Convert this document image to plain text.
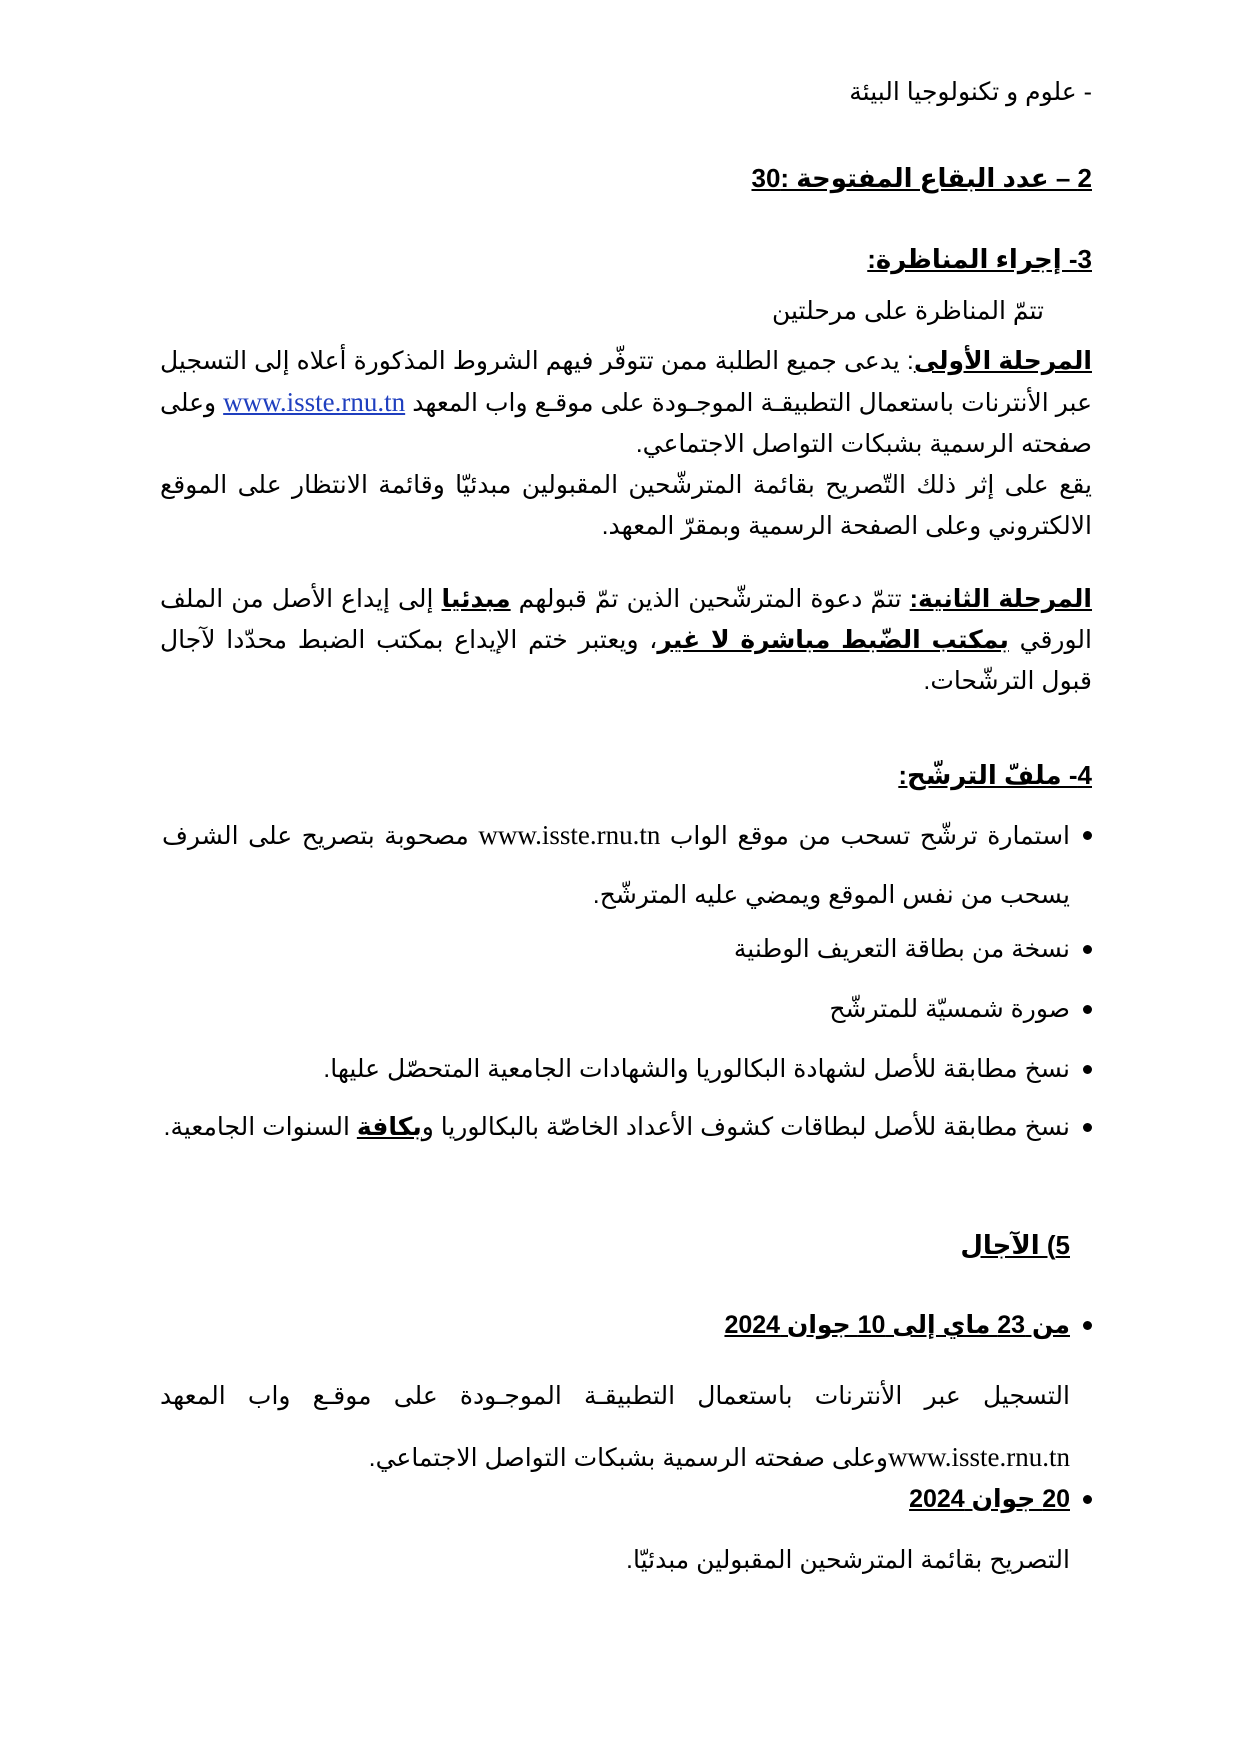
- علوم و تكنولوجيا البيئة

2 – عدد البقاع المفتوحة :30

3- إجراء المناظرة:

تتمّ المناظرة على مرحلتين

المرحلة الأولى: يدعى جميع الطلبة ممن تتوفّر فيهم الشروط المذكورة أعلاه إلى التسجيل عبر الأنترنات باستعمال التطبيقـة الموجـودة على موقـع واب المعهد www.isste.rnu.tn وعلى صفحته الرسمية بشبكات التواصل الاجتماعي.
يقع على إثر ذلك التّصريح بقائمة المترشّحين المقبولين مبدئيّا وقائمة الانتظار على الموقع الالكتروني وعلى الصفحة الرسمية وبمقرّ المعهد.

المرحلة الثانية: تتمّ دعوة المترشّحين الذين تمّ قبولهم مبدئيا إلى إيداع الأصل من الملف الورقي بمكتب الضّبط مباشرة لا غير، ويعتبر ختم الإيداع بمكتب الضبط محدّدا لآجال قبول الترشّحات.

4- ملفّ الترشّح:

استمارة ترشّح تسحب من موقع الواب www.isste.rnu.tn مصحوبة بتصريح على الشرف يسحب من نفس الموقع ويمضي عليه المترشّح.

نسخة من بطاقة التعريف الوطنية

صورة شمسيّة للمترشّح

نسخ مطابقة للأصل لشهادة البكالوريا والشهادات الجامعية المتحصّل عليها.

نسخ مطابقة للأصل لبطاقات كشوف الأعداد الخاصّة بالبكالوريا وبكافة السنوات الجامعية.

5) الآجال

من 23 ماي إلى 10 جوان 2024

التسجيل عبر الأنترنات باستعمال التطبيقـة الموجـودة على موقـع واب المعهد www.isste.rnu.tnوعلى صفحته الرسمية بشبكات التواصل الاجتماعي.

20 جوان 2024

التصريح بقائمة المترشحين المقبولين مبدئيّا.
